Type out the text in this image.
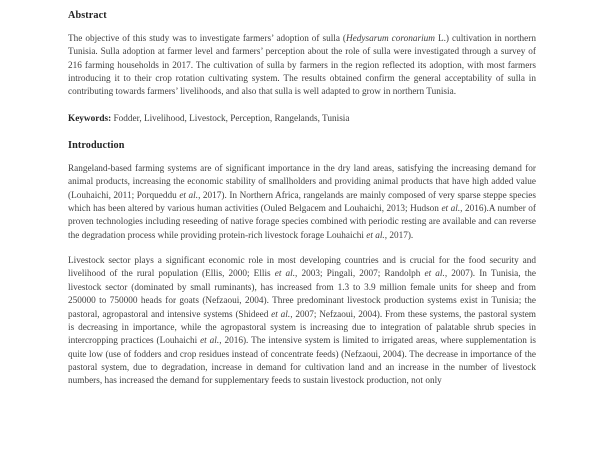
Abstract

The objective of this study was to investigate farmers’ adoption of sulla (Hedysarum coronarium L.) cultivation in northern Tunisia. Sulla adoption at farmer level and farmers’ perception about the role of sulla were investigated through a survey of 216 farming households in 2017. The cultivation of sulla by farmers in the region reflected its adoption, with most farmers introducing it to their crop rotation cultivating system. The results obtained confirm the general acceptability of sulla in contributing towards farmers’ livelihoods, and also that sulla is well adapted to grow in northern Tunisia.

Keywords: Fodder, Livelihood, Livestock, Perception, Rangelands, Tunisia

Introduction

Rangeland-based farming systems are of significant importance in the dry land areas, satisfying the increasing demand for animal products, increasing the economic stability of smallholders and providing animal products that have high added value (Louhaichi, 2011; Porqueddu et al., 2017). In Northern Africa, rangelands are mainly composed of very sparse steppe species which has been altered by various human activities (Ouled Belgacem and Louhaichi, 2013; Hudson et al., 2016).A number of proven technologies including reseeding of native forage species combined with periodic resting are available and can reverse the degradation process while providing protein-rich livestock forage Louhaichi et al., 2017).

Livestock sector plays a significant economic role in most developing countries and is crucial for the food security and livelihood of the rural population (Ellis, 2000; Ellis et al., 2003; Pingali, 2007; Randolph et al., 2007). In Tunisia, the livestock sector (dominated by small ruminants), has increased from 1.3 to 3.9 million female units for sheep and from 250000 to 750000 heads for goats (Nefzaoui, 2004). Three predominant livestock production systems exist in Tunisia; the pastoral, agropastoral and intensive systems (Shideed et al., 2007; Nefzaoui, 2004). From these systems, the pastoral system is decreasing in importance, while the agropastoral system is increasing due to integration of palatable shrub species in intercropping practices (Louhaichi et al., 2016). The intensive system is limited to irrigated areas, where supplementation is quite low (use of fodders and crop residues instead of concentrate feeds) (Nefzaoui, 2004). The decrease in importance of the pastoral system, due to degradation, increase in demand for cultivation land and an increase in the number of livestock numbers, has increased the demand for supplementary feeds to sustain livestock production, not only
